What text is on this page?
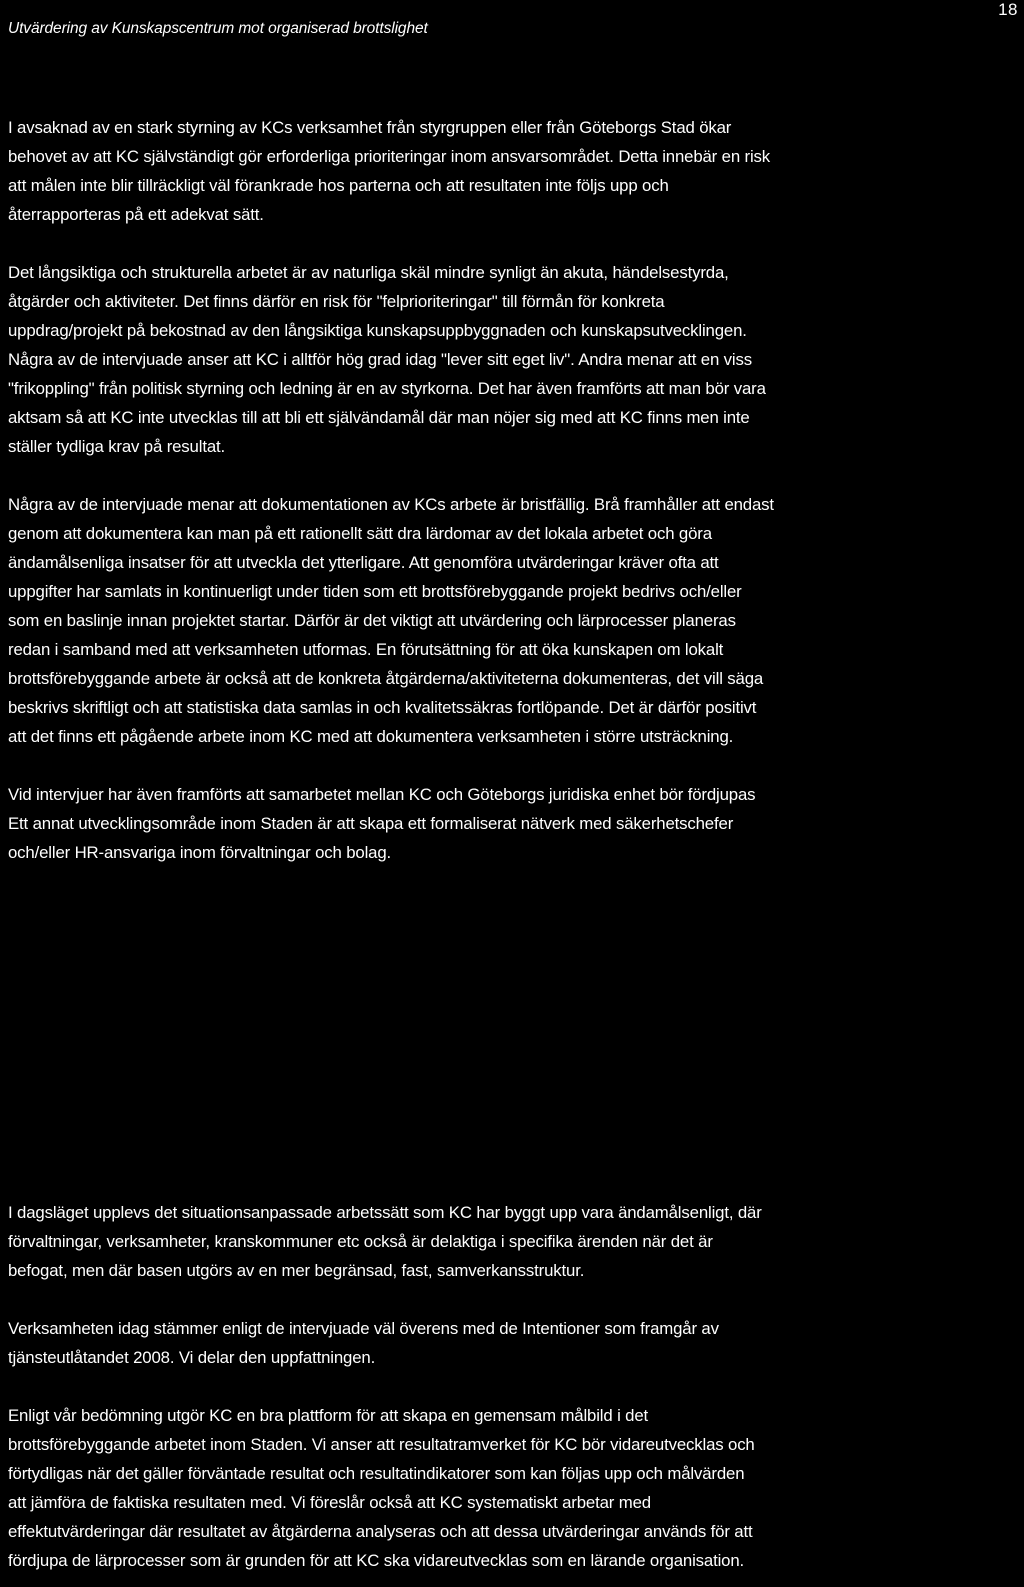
Utvärdering av Kunskapscentrum mot organiserad brottslighet
18

I avsaknad av en stark styrning av KCs verksamhet från styrgruppen eller från Göteborgs Stad ökar
behovet av att KC självständigt gör erforderliga prioriteringar inom ansvarsområdet. Detta innebär en risk
att målen inte blir tillräckligt väl förankrade hos parterna och att resultaten inte följs upp och
återrapporteras på ett adekvat sätt.

Det långsiktiga och strukturella arbetet är av naturliga skäl mindre synligt än akuta, händelsestyrda,
åtgärder och aktiviteter. Det finns därför en risk för "felprioriteringar" till förmån för konkreta
uppdrag/projekt på bekostnad av den långsiktiga kunskapsuppbyggnaden och kunskapsutvecklingen.
Några av de intervjuade anser att KC i alltför hög grad idag "lever sitt eget liv". Andra menar att en viss
"frikoppling" från politisk styrning och ledning är en av styrkorna. Det har även framförts att man bör vara
aktsam så att KC inte utvecklas till att bli ett självändamål där man nöjer sig med att KC finns men inte
ställer tydliga krav på resultat.

Några av de intervjuade menar att dokumentationen av KCs arbete är bristfällig. Brå framhåller att endast
genom att dokumentera kan man på ett rationellt sätt dra lärdomar av det lokala arbetet och göra
ändamålsenliga insatser för att utveckla det ytterligare. Att genomföra utvärderingar kräver ofta att
uppgifter har samlats in kontinuerligt under tiden som ett brottsförebyggande projekt bedrivs och/eller
som en baslinje innan projektet startar. Därför är det viktigt att utvärdering och lärprocesser planeras
redan i samband med att verksamheten utformas. En förutsättning för att öka kunskapen om lokalt
brottsförebyggande arbete är också att de konkreta åtgärderna/aktiviteterna dokumenteras, det vill säga
beskrivs skriftligt och att statistiska data samlas in och kvalitetssäkras fortlöpande. Det är därför positivt
att det finns ett pågående arbete inom KC med att dokumentera verksamheten i större utsträckning.

Vid intervjuer har även framförts att samarbetet mellan KC och Göteborgs juridiska enhet bör fördjupas
Ett annat utvecklingsområde inom Staden är att skapa ett formaliserat nätverk med säkerhetschefer
och/eller HR-ansvariga inom förvaltningar och bolag.

I dagsläget upplevs det situationsanpassade arbetssätt som KC har byggt upp vara ändamålsenligt, där
förvaltningar, verksamheter, kranskommuner etc också är delaktiga i specifika ärenden när det är
befogat, men där basen utgörs av en mer begränsad, fast, samverkansstruktur.

Verksamheten idag stämmer enligt de intervjuade väl överens med de Intentioner som framgår av
tjänsteutlåtandet 2008. Vi delar den uppfattningen.

Enligt vår bedömning utgör KC en bra plattform för att skapa en gemensam målbild i det
brottsförebyggande arbetet inom Staden. Vi anser att resultatramverket för KC bör vidareutvecklas och
förtydligas när det gäller förväntade resultat och resultatindikatorer som kan följas upp och målvärden
att jämföra de faktiska resultaten med. Vi föreslår också att KC systematiskt arbetar med
effektutvärderingar där resultatet av åtgärderna analyseras och att dessa utvärderingar används för att
fördjupa de lärprocesser som är grunden för att KC ska vidareutvecklas som en lärande organisation.
